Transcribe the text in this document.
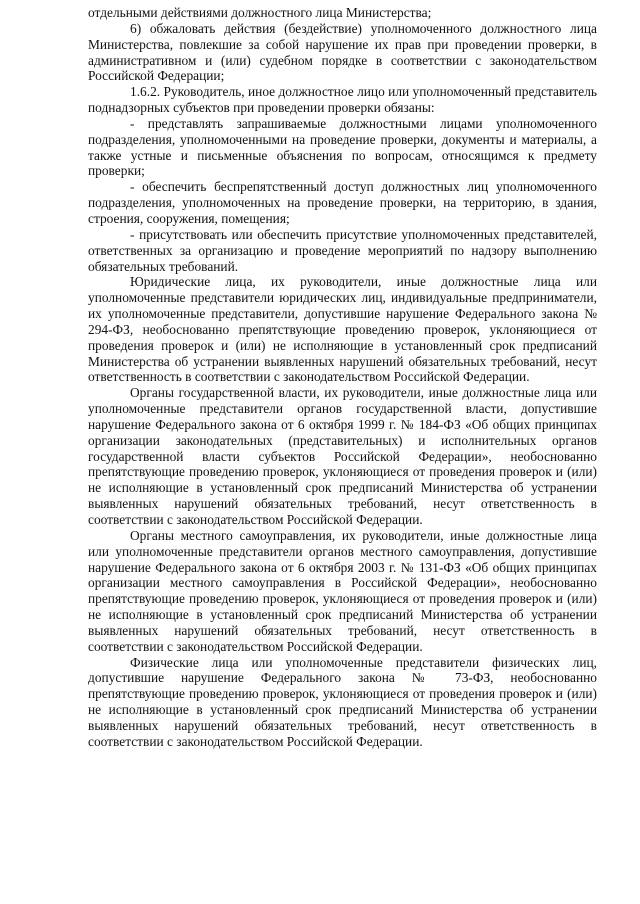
отдельными действиями должностного лица Министерства;

6) обжаловать действия (бездействие) уполномоченного должностного лица Министерства, повлекшие за собой нарушение их прав при проведении проверки, в административном и (или) судебном порядке в соответствии с законодательством Российской Федерации;

1.6.2. Руководитель, иное должностное лицо или уполномоченный представитель поднадзорных субъектов при проведении проверки обязаны:

- представлять запрашиваемые должностными лицами уполномоченного подразделения, уполномоченными на проведение проверки, документы и материалы, а также устные и письменные объяснения по вопросам, относящимся к предмету проверки;

- обеспечить беспрепятственный доступ должностных лиц уполномоченного подразделения, уполномоченных на проведение проверки, на территорию, в здания, строения, сооружения, помещения;

- присутствовать или обеспечить присутствие уполномоченных представителей, ответственных за организацию и проведение мероприятий по надзору выполнению обязательных требований.

Юридические лица, их руководители, иные должностные лица или уполномоченные представители юридических лиц, индивидуальные предприниматели, их уполномоченные представители, допустившие нарушение Федерального закона № 294-ФЗ, необоснованно препятствующие проведению проверок, уклоняющиеся от проведения проверок и (или) не исполняющие в установленный срок предписаний Министерства об устранении выявленных нарушений обязательных требований, несут ответственность в соответствии с законодательством Российской Федерации.

Органы государственной власти, их руководители, иные должностные лица или уполномоченные представители органов государственной власти, допустившие нарушение Федерального закона от 6 октября 1999 г. № 184-ФЗ «Об общих принципах организации законодательных (представительных) и исполнительных органов государственной власти субъектов Российской Федерации», необоснованно препятствующие проведению проверок, уклоняющиеся от проведения проверок и (или) не исполняющие в установленный срок предписаний Министерства об устранении выявленных нарушений обязательных требований, несут ответственность в соответствии с законодательством Российской Федерации.

Органы местного самоуправления, их руководители, иные должностные лица или уполномоченные представители органов местного самоуправления, допустившие нарушение Федерального закона от 6 октября 2003 г. № 131-ФЗ «Об общих принципах организации местного самоуправления в Российской Федерации», необоснованно препятствующие проведению проверок, уклоняющиеся от проведения проверок и (или) не исполняющие в установленный срок предписаний Министерства об устранении выявленных нарушений обязательных требований, несут ответственность в соответствии с законодательством Российской Федерации.

Физические лица или уполномоченные представители физических лиц, допустившие нарушение Федерального закона № 73-ФЗ, необоснованно препятствующие проведению проверок, уклоняющиеся от проведения проверок и (или) не исполняющие в установленный срок предписаний Министерства об устранении выявленных нарушений обязательных требований, несут ответственность в соответствии с законодательством Российской Федерации.
